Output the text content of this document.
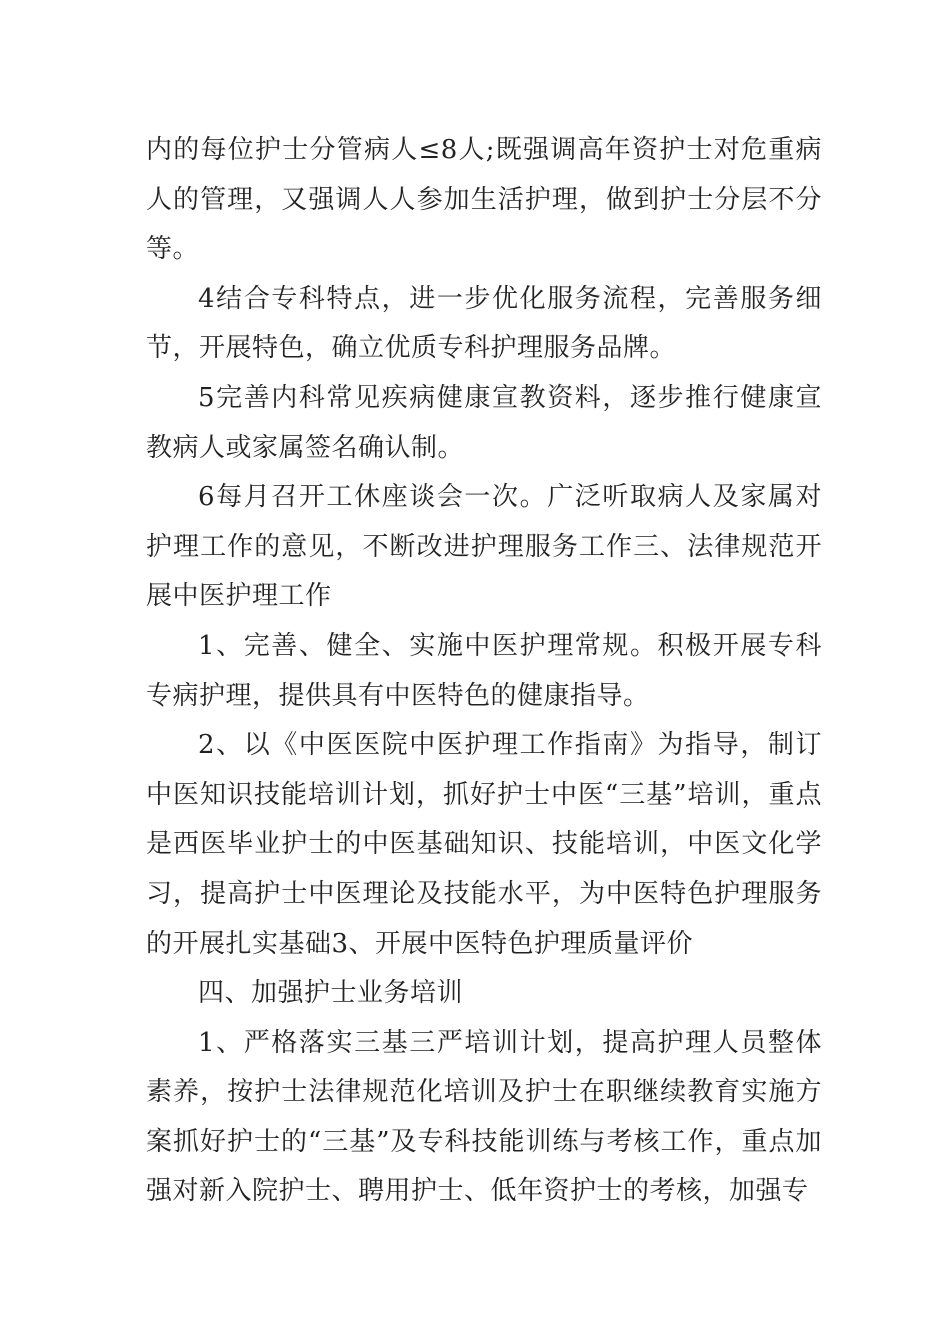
内的每位护士分管病人≤8人;既强调高年资护士对危重病人的管理，又强调人人参加生活护理，做到护士分层不分等。

4结合专科特点，进一步优化服务流程，完善服务细节，开展特色，确立优质专科护理服务品牌。

5完善内科常见疾病健康宣教资料，逐步推行健康宣教病人或家属签名确认制。

6每月召开工休座谈会一次。广泛听取病人及家属对护理工作的意见，不断改进护理服务工作三、法律规范开展中医护理工作

1、完善、健全、实施中医护理常规。积极开展专科专病护理，提供具有中医特色的健康指导。

2、以《中医医院中医护理工作指南》为指导，制订中医知识技能培训计划，抓好护士中医“三基”培训，重点是西医毕业护士的中医基础知识、技能培训，中医文化学习，提高护士中医理论及技能水平，为中医特色护理服务的开展扎实基础3、开展中医特色护理质量评价

四、加强护士业务培训

1、严格落实三基三严培训计划，提高护理人员整体素养，按护士法律规范化培训及护士在职继续教育实施方案抓好护士的“三基”及专科技能训练与考核工作，重点加强对新入院护士、聘用护士、低年资护士的考核，加强专
